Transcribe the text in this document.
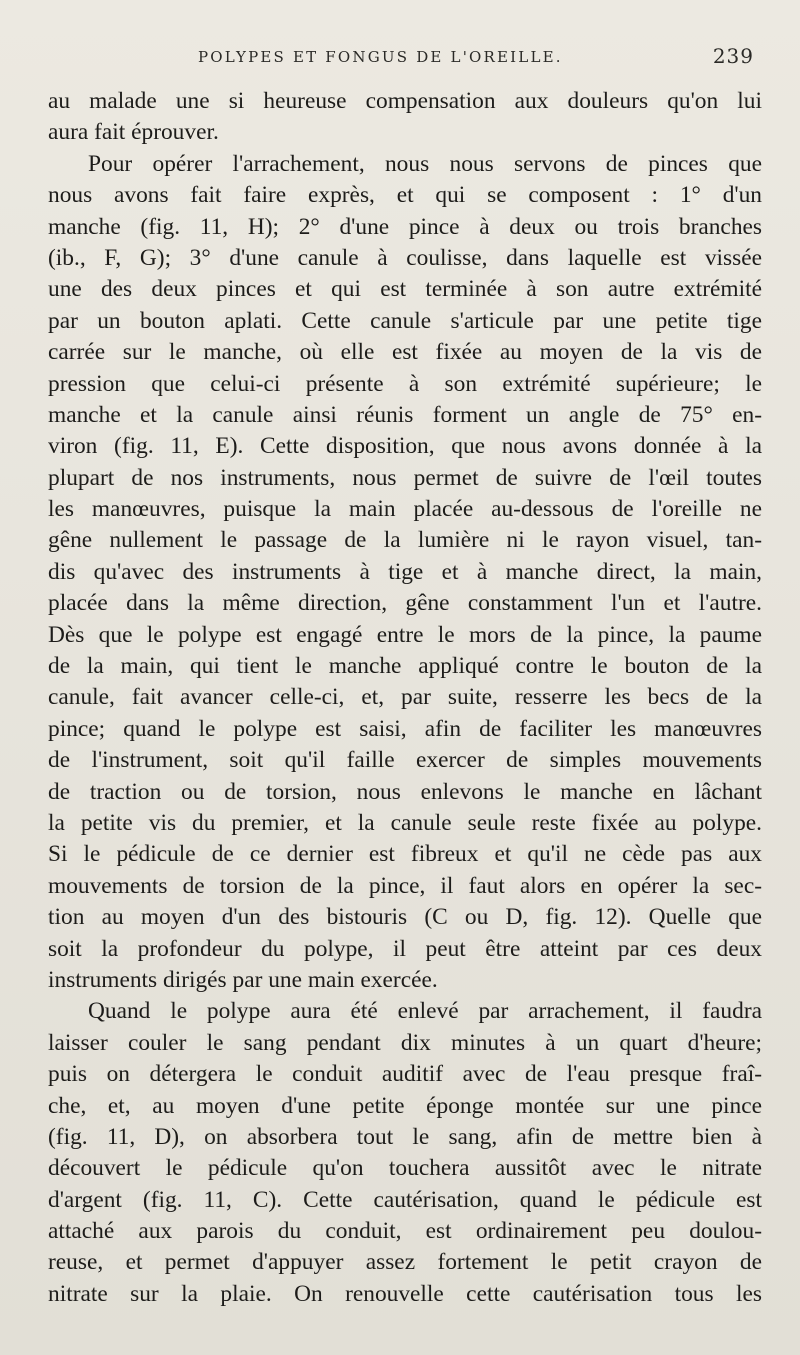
POLYPES ET FONGUS DE L'OREILLE.	239
au malade une si heureuse compensation aux douleurs qu'on lui
aura fait éprouver.
Pour opérer l'arrachement, nous nous servons de pinces que
nous avons fait faire exprès, et qui se composent : 1° d'un
manche (fig. 11, H); 2° d'une pince à deux ou trois branches
(ib., F, G); 3° d'une canule à coulisse, dans laquelle est vissée
une des deux pinces et qui est terminée à son autre extrémité
par un bouton aplati. Cette canule s'articule par une petite tige
carrée sur le manche, où elle est fixée au moyen de la vis de
pression que celui-ci présente à son extrémité supérieure; le
manche et la canule ainsi réunis forment un angle de 75° en-
viron (fig. 11, E). Cette disposition, que nous avons donnée à la
plupart de nos instruments, nous permet de suivre de l'œil toutes
les manœuvres, puisque la main placée au-dessous de l'oreille ne
gêne nullement le passage de la lumière ni le rayon visuel, tan-
dis qu'avec des instruments à tige et à manche direct, la main,
placée dans la même direction, gêne constamment l'un et l'autre.
Dès que le polype est engagé entre le mors de la pince, la paume
de la main, qui tient le manche appliqué contre le bouton de la
canule, fait avancer celle-ci, et, par suite, resserre les becs de la
pince; quand le polype est saisi, afin de faciliter les manœuvres
de l'instrument, soit qu'il faille exercer de simples mouvements
de traction ou de torsion, nous enlevons le manche en lâchant
la petite vis du premier, et la canule seule reste fixée au polype.
Si le pédicule de ce dernier est fibreux et qu'il ne cède pas aux
mouvements de torsion de la pince, il faut alors en opérer la sec-
tion au moyen d'un des bistouris (C ou D, fig. 12). Quelle que
soit la profondeur du polype, il peut être atteint par ces deux
instruments dirigés par une main exercée.
Quand le polype aura été enlevé par arrachement, il faudra
laisser couler le sang pendant dix minutes à un quart d'heure;
puis on détergera le conduit auditif avec de l'eau presque fraî-
che, et, au moyen d'une petite éponge montée sur une pince
(fig. 11, D), on absorbera tout le sang, afin de mettre bien à
découvert le pédicule qu'on touchera aussitôt avec le nitrate
d'argent (fig. 11, C). Cette cautérisation, quand le pédicule est
attaché aux parois du conduit, est ordinairement peu doulou-
reuse, et permet d'appuyer assez fortement le petit crayon de
nitrate sur la plaie. On renouvelle cette cautérisation tous les
